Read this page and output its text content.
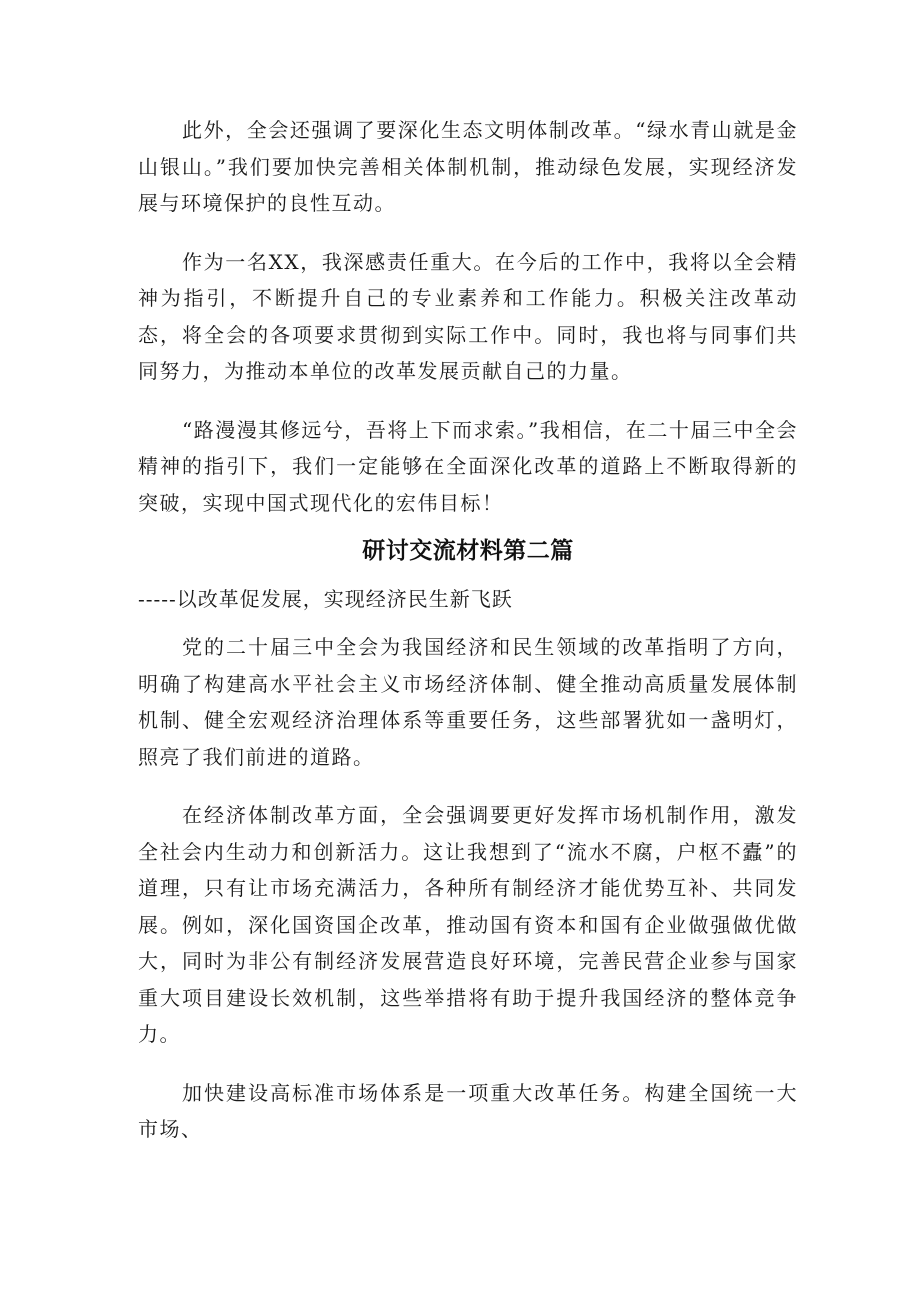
此外，全会还强调了要深化生态文明体制改革。“绿水青山就是金山银山。”我们要加快完善相关体制机制，推动绿色发展，实现经济发展与环境保护的良性互动。

作为一名XX，我深感责任重大。在今后的工作中，我将以全会精神为指引，不断提升自己的专业素养和工作能力。积极关注改革动态，将全会的各项要求贯彻到实际工作中。同时，我也将与同事们共同努力，为推动本单位的改革发展贡献自己的力量。

“路漫漫其修远兮，吾将上下而求索。”我相信，在二十届三中全会精神的指引下，我们一定能够在全面深化改革的道路上不断取得新的突破，实现中国式现代化的宏伟目标！

研讨交流材料第二篇

-----以改革促发展，实现经济民生新飞跃

党的二十届三中全会为我国经济和民生领域的改革指明了方向，明确了构建高水平社会主义市场经济体制、健全推动高质量发展体制机制、健全宏观经济治理体系等重要任务，这些部署犹如一盏明灯，照亮了我们前进的道路。

在经济体制改革方面，全会强调要更好发挥市场机制作用，激发全社会内生动力和创新活力。这让我想到了“流水不腐，户枢不蠹”的道理，只有让市场充满活力，各种所有制经济才能优势互补、共同发展。例如，深化国资国企改革，推动国有资本和国有企业做强做优做大，同时为非公有制经济发展营造良好环境，完善民营企业参与国家重大项目建设长效机制，这些举措将有助于提升我国经济的整体竞争力。

加快建设高标准市场体系是一项重大改革任务。构建全国统一大市场、
